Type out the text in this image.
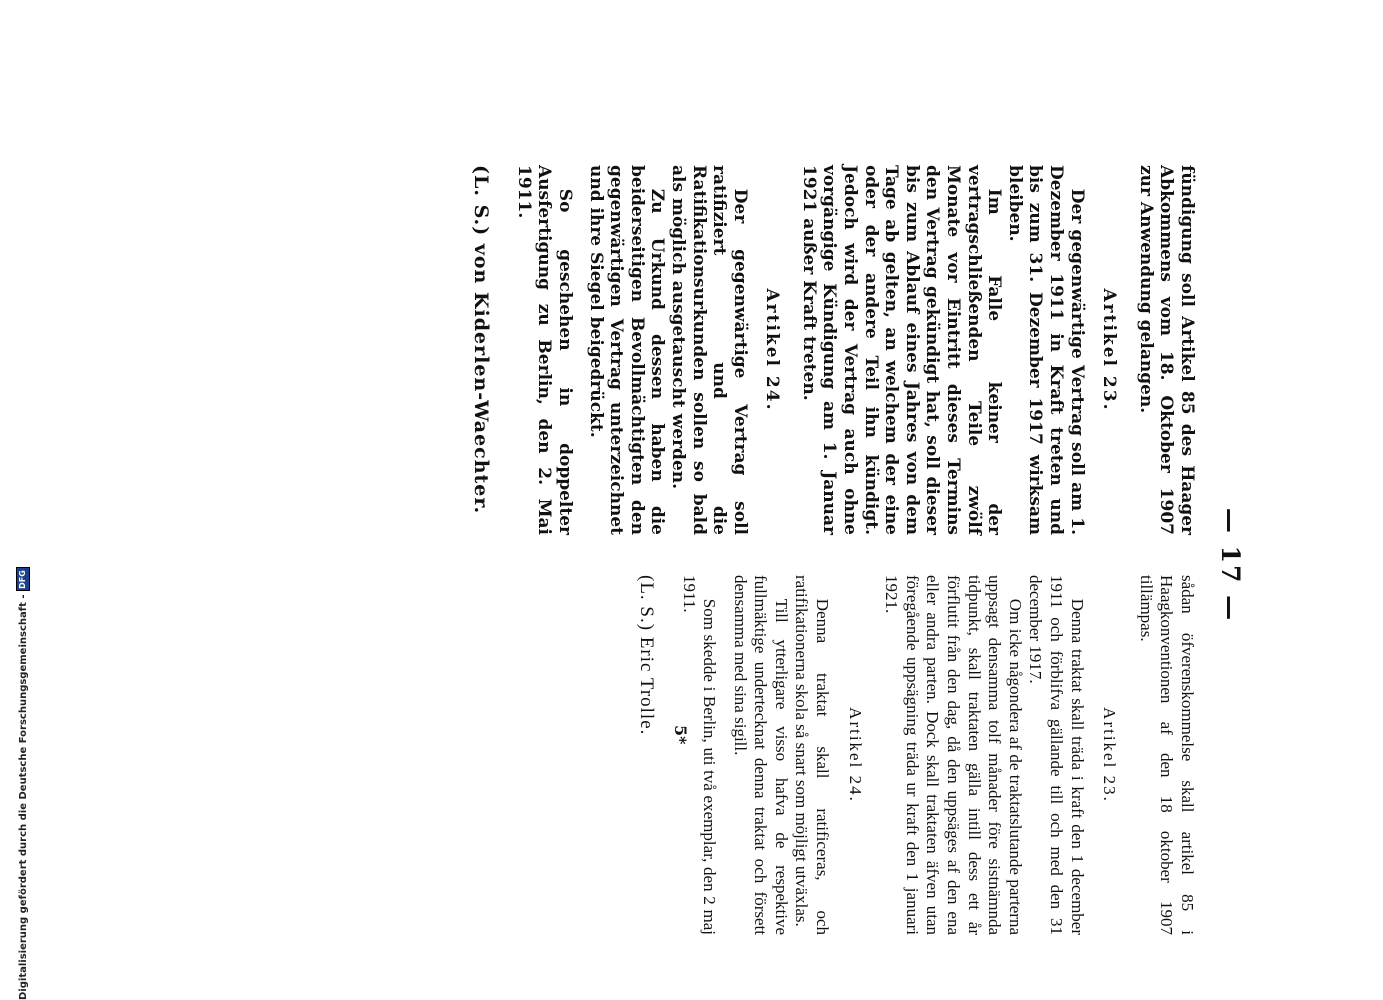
— 17 —

fündigung soll Artikel 85 des Haager Abkommens vom 18. Oktober 1907 zur Anwendung gelangen.

Artikel 23.

Der gegenwärtige Vertrag soll am 1. Dezember 1911 in Kraft treten und bis zum 31. Dezember 1917 wirksam bleiben.

Im Falle keiner der vertragschließenden Teile zwölf Monate vor Eintritt dieses Termins den Vertrag gekündigt hat, soll dieser bis zum Ablauf eines Jahres von dem Tage ab gelten, an welchem der eine oder der andere Teil ihn kündigt. Jedoch wird der Vertrag auch ohne vorgängige Kündigung am 1. Januar 1921 außer Kraft treten.

Artikel 24.

Der gegenwärtige Vertrag soll ratifiziert und die Ratifikationsurkunden sollen so bald als möglich ausgetauscht werden.

Zu Urkund dessen haben die beiderseitigen Bevollmächtigten den gegenwärtigen Vertrag unterzeichnet und ihre Siegel beigedrückt.

So geschehen in doppelter Ausfertigung zu Berlin, den 2. Mai 1911.

(L. S.) von Kiderlen-Waechter.

sådan öfverenskommelse skall artikel 85 i Haagkonventionen af den 18 oktober 1907 tillämpas.

Artikel 23.

Denna traktat skall träda i kraft den 1 december 1911 och förblifva gällande till och med den 31 december 1917.

Om icke någondera af de traktatslutande parterna uppsagt densamma tolf månader före sistnämnda tidpunkt, skall traktaten gälla intill dess ett år förflutit från den dag, då den uppsäges af den ena eller andra parten. Dock skall traktaten äfven utan föregående uppsägning träda ur kraft den 1 januari 1921.

Artikel 24.

Denna traktat skall ratificeras, och ratifikationerna skola så snart som möjligt utväxlas.

Till ytterligare visso hafva de respektive fullmäktige undertecknat denna traktat och försett densamma med sina sigill.

Som skedde i Berlin, uti två exemplar, den 2 maj 1911.

(L. S.) Eric Trolle. 5*
Digitalisierung gefördert durch die Deutsche Forschungsgemeinschaft -
DFG
